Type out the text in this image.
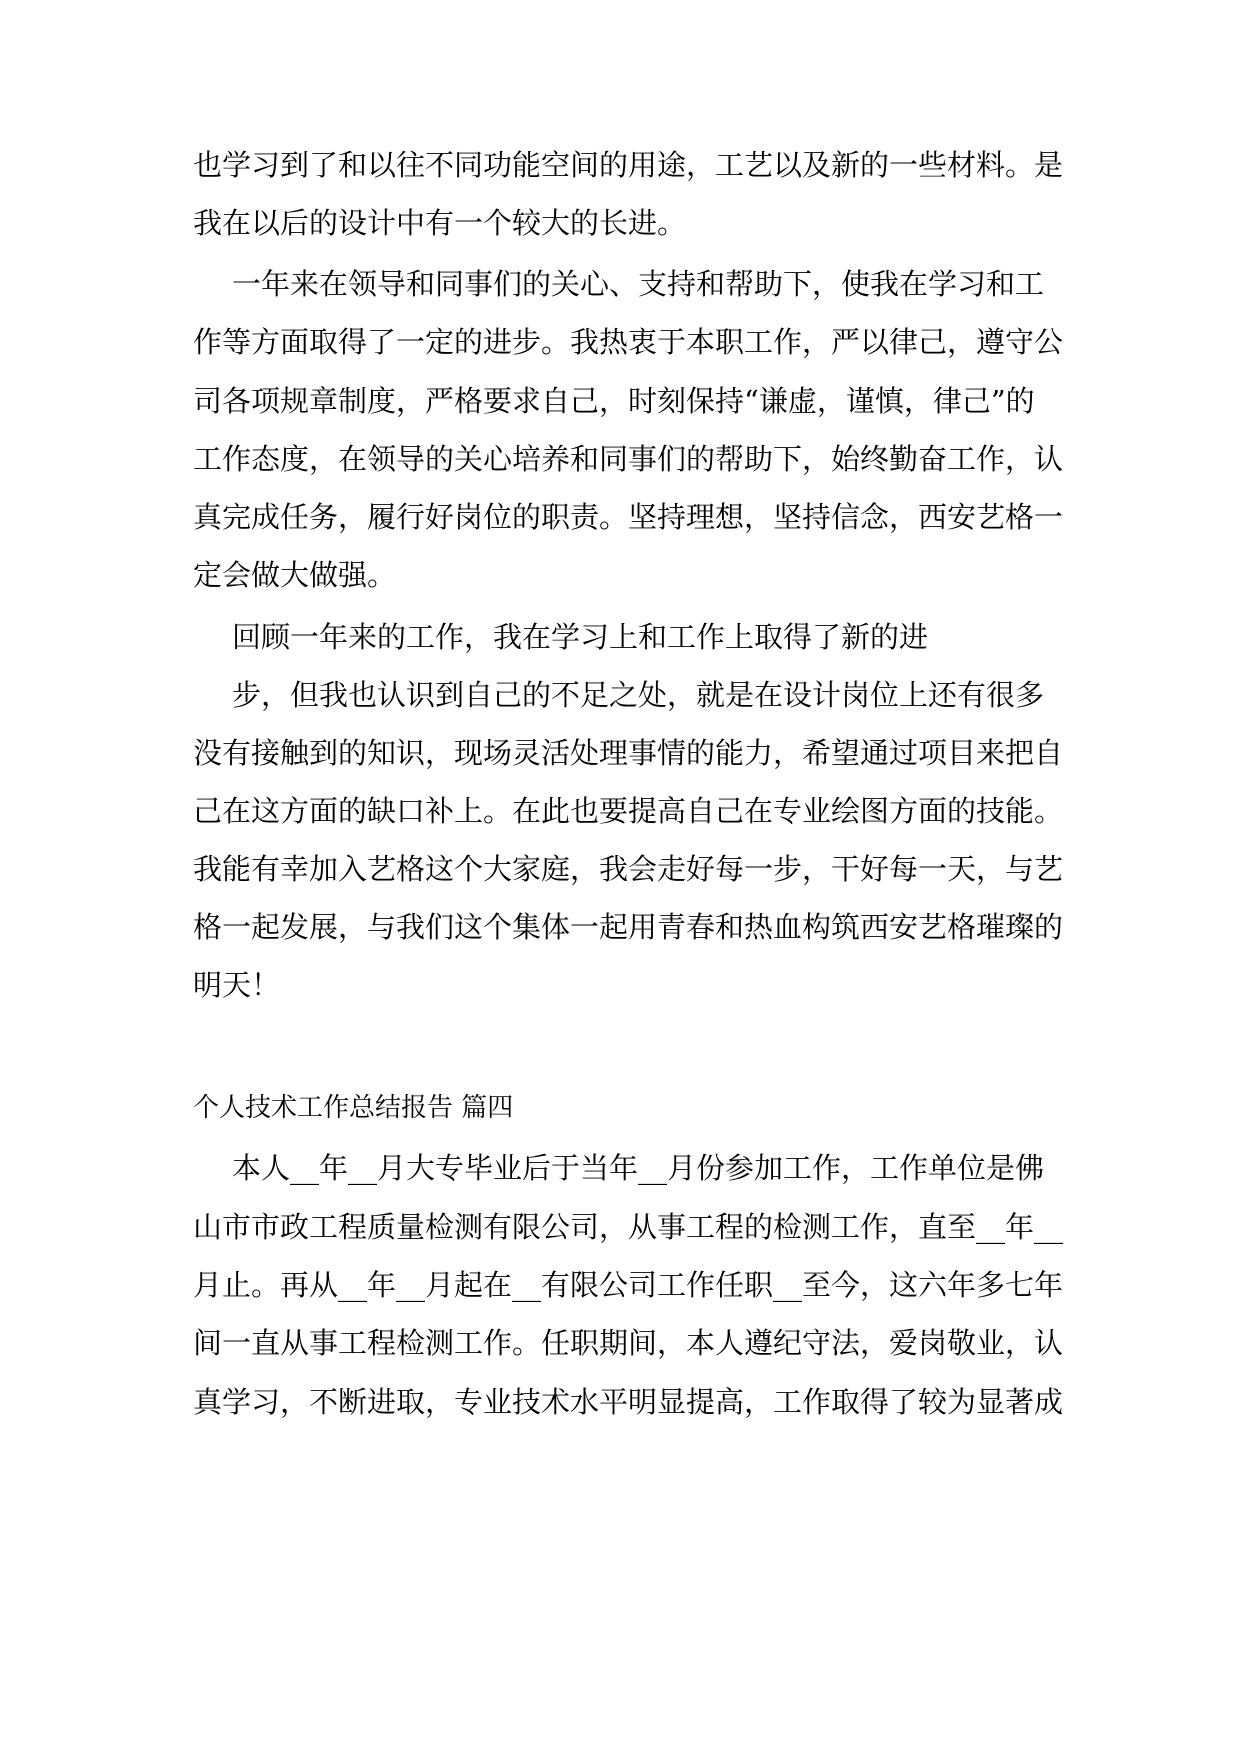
也学习到了和以往不同功能空间的用途，工艺以及新的一些材料。是
我在以后的设计中有一个较大的长进。
一年来在领导和同事们的关心、支持和帮助下，使我在学习和工
作等方面取得了一定的进步。我热衷于本职工作，严以律己，遵守公
司各项规章制度，严格要求自己，时刻保持“谦虚，谨慎，律己”的
工作态度，在领导的关心培养和同事们的帮助下，始终勤奋工作，认
真完成任务，履行好岗位的职责。坚持理想，坚持信念，西安艺格一
定会做大做强。
回顾一年来的工作，我在学习上和工作上取得了新的进
步，但我也认识到自己的不足之处，就是在设计岗位上还有很多
没有接触到的知识，现场灵活处理事情的能力，希望通过项目来把自
己在这方面的缺口补上。在此也要提高自己在专业绘图方面的技能。
我能有幸加入艺格这个大家庭，我会走好每一步，干好每一天，与艺
格一起发展，与我们这个集体一起用青春和热血构筑西安艺格璀璨的
明天！
个人技术工作总结报告 篇四
本人__年__月大专毕业后于当年__月份参加工作，工作单位是佛
山市市政工程质量检测有限公司，从事工程的检测工作，直至__年__
月止。再从__年__月起在__有限公司工作任职__至今，这六年多七年
间一直从事工程检测工作。任职期间，本人遵纪守法，爱岗敬业，认
真学习，不断进取，专业技术水平明显提高，工作取得了较为显著成
